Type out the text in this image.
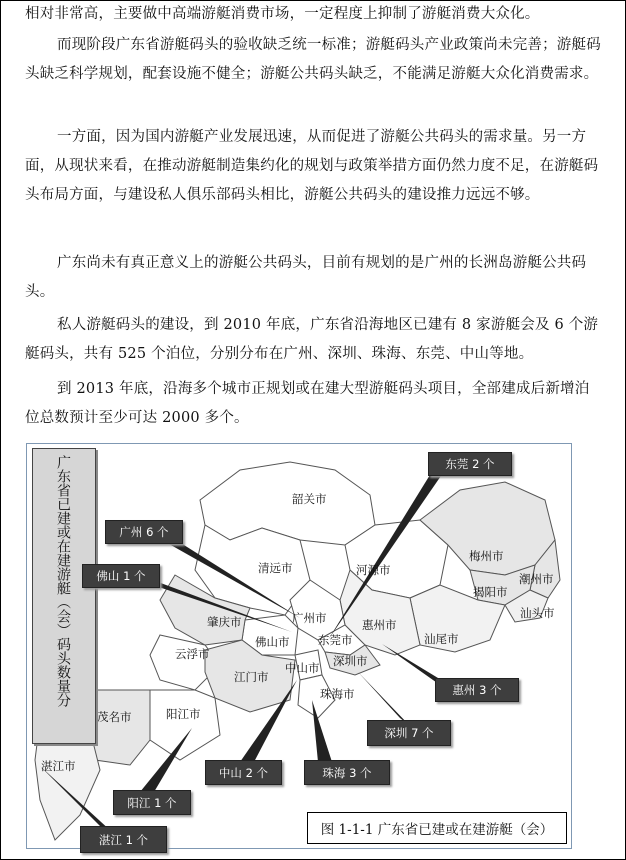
相对非常高，主要做中高端游艇消费市场，一定程度上抑制了游艇消费大众化。

而现阶段广东省游艇码头的验收缺乏统一标准；游艇码头产业政策尚未完善；游艇码头缺乏科学规划，配套设施不健全；游艇公共码头缺乏，不能满足游艇大众化消费需求。

一方面，因为国内游艇产业发展迅速，从而促进了游艇公共码头的需求量。另一方面，从现状来看，在推动游艇制造集约化的规划与政策举措方面仍然力度不足，在游艇码头布局方面，与建设私人俱乐部码头相比，游艇公共码头的建设推力远远不够。

广东尚未有真正意义上的游艇公共码头，目前有规划的是广州的长洲岛游艇公共码头。

私人游艇码头的建设，到 2010 年底，广东省沿海地区已建有 8 家游艇会及 6 个游艇码头，共有 525 个泊位，分别分布在广州、深圳、珠海、东莞、中山等地。

到 2013 年底，沿海多个城市正规划或在建大型游艇码头项目，全部建成后新增泊位总数预计至少可达 2000 多个。

韶关市
清远市	河源市
梅州市
潮州市
揭阳市
汕头市
汕尾市
惠州市
东莞市
深圳市
广州市
佛山市
肇庆市
云浮市
江门市
中山市
珠海市
阳江市
茂名市
湛江市
广东省已建或在建游艇（会）码头数量分	东莞 2 个
广州 6 个
佛山 1 个
惠州 3 个
深圳 7 个
中山 2 个	珠海 3 个
阳江 1 个
湛江 1 个
图 1-1-1 广东省已建或在建游艇（会）
